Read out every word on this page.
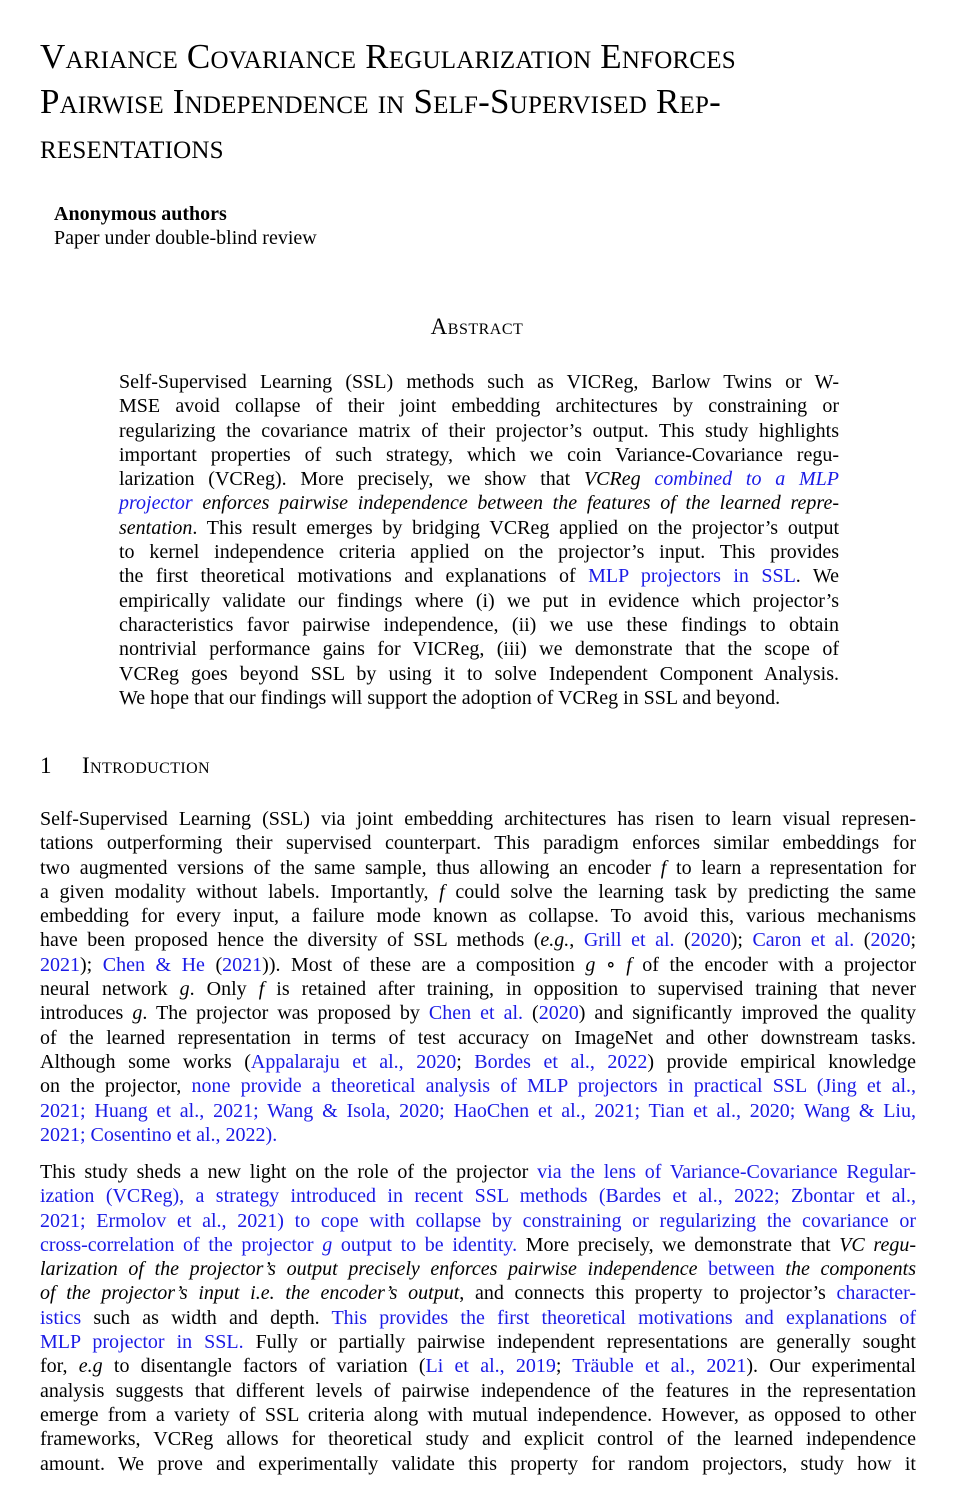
Variance Covariance Regularization Enforces
Pairwise Independence in Self-Supervised Rep-
resentations
Anonymous authors
Paper under double-blind review
Abstract
Self-Supervised Learning (SSL) methods such as VICReg, Barlow Twins or W-
MSE avoid collapse of their joint embedding architectures by constraining or
regularizing the covariance matrix of their projector’s output. This study highlights
important properties of such strategy, which we coin Variance-Covariance regu-
larization (VCReg). More precisely, we show that VCReg combined to a MLP
projector enforces pairwise independence between the features of the learned repre-
sentation. This result emerges by bridging VCReg applied on the projector’s output
to kernel independence criteria applied on the projector’s input. This provides
the first theoretical motivations and explanations of MLP projectors in SSL. We
empirically validate our findings where (i) we put in evidence which projector’s
characteristics favor pairwise independence, (ii) we use these findings to obtain
nontrivial performance gains for VICReg, (iii) we demonstrate that the scope of
VCReg goes beyond SSL by using it to solve Independent Component Analysis.
We hope that our findings will support the adoption of VCReg in SSL and beyond.
1 Introduction
Self-Supervised Learning (SSL) via joint embedding architectures has risen to learn visual represen-
tations outperforming their supervised counterpart. This paradigm enforces similar embeddings for
two augmented versions of the same sample, thus allowing an encoder f to learn a representation for
a given modality without labels. Importantly, f could solve the learning task by predicting the same
embedding for every input, a failure mode known as collapse. To avoid this, various mechanisms
have been proposed hence the diversity of SSL methods (e.g., Grill et al. (2020); Caron et al. (2020;
2021); Chen & He (2021)). Most of these are a composition g ∘ f of the encoder with a projector
neural network g. Only f is retained after training, in opposition to supervised training that never
introduces g. The projector was proposed by Chen et al. (2020) and significantly improved the quality
of the learned representation in terms of test accuracy on ImageNet and other downstream tasks.
Although some works (Appalaraju et al., 2020; Bordes et al., 2022) provide empirical knowledge
on the projector, none provide a theoretical analysis of MLP projectors in practical SSL (Jing et al.,
2021; Huang et al., 2021; Wang & Isola, 2020; HaoChen et al., 2021; Tian et al., 2020; Wang & Liu,
2021; Cosentino et al., 2022).
This study sheds a new light on the role of the projector via the lens of Variance-Covariance Regular-
ization (VCReg), a strategy introduced in recent SSL methods (Bardes et al., 2022; Zbontar et al.,
2021; Ermolov et al., 2021) to cope with collapse by constraining or regularizing the covariance or
cross-correlation of the projector g output to be identity. More precisely, we demonstrate that VC regu-
larization of the projector’s output precisely enforces pairwise independence between the components
of the projector’s input i.e. the encoder’s output, and connects this property to projector’s character-
istics such as width and depth. This provides the first theoretical motivations and explanations of
MLP projector in SSL. Fully or partially pairwise independent representations are generally sought
for, e.g to disentangle factors of variation (Li et al., 2019; Träuble et al., 2021). Our experimental
analysis suggests that different levels of pairwise independence of the features in the representation
emerge from a variety of SSL criteria along with mutual independence. However, as opposed to other
frameworks, VCReg allows for theoretical study and explicit control of the learned independence
amount. We prove and experimentally validate this property for random projectors, study how it
